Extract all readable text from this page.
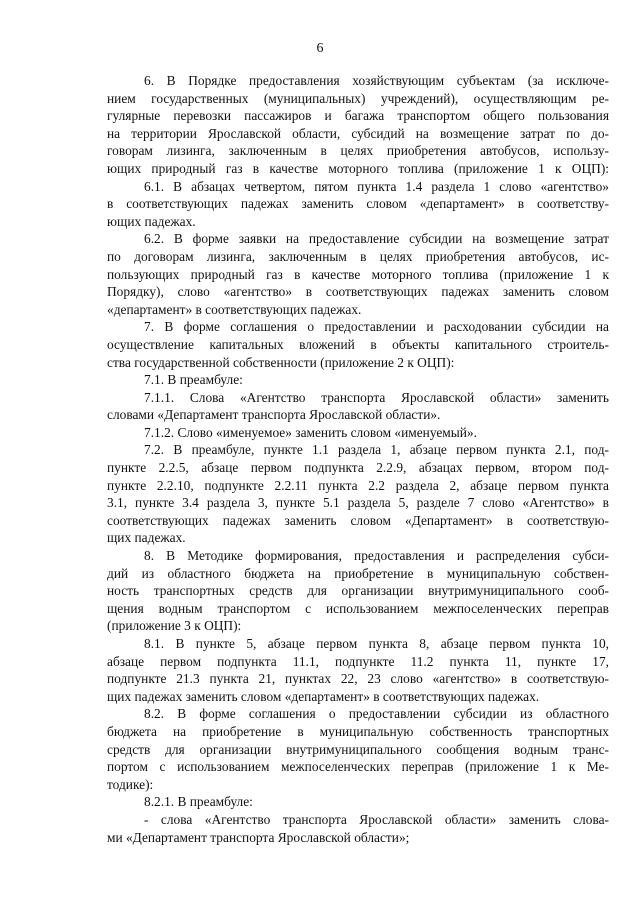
6
6. В Порядке предоставления хозяйствующим субъектам (за исключе-
нием государственных (муниципальных) учреждений), осуществляющим ре-
гулярные перевозки пассажиров и багажа транспортом общего пользования
на территории Ярославской области, субсидий на возмещение затрат по до-
говорам лизинга, заключенным в целях приобретения автобусов, использу-
ющих природный газ в качестве моторного топлива (приложение 1 к ОЦП):
6.1. В абзацах четвертом, пятом пункта 1.4 раздела 1 слово «агентство»
в соответствующих падежах заменить словом «департамент» в соответству-
ющих падежах.
6.2. В форме заявки на предоставление субсидии на возмещение затрат
по договорам лизинга, заключенным в целях приобретения автобусов, ис-
пользующих природный газ в качестве моторного топлива (приложение 1 к
Порядку), слово «агентство» в соответствующих падежах заменить словом
«департамент» в соответствующих падежах.
7. В форме соглашения о предоставлении и расходовании субсидии на
осуществление капитальных вложений в объекты капитального строитель-
ства государственной собственности (приложение 2 к ОЦП):
7.1. В преамбуле:
7.1.1. Слова «Агентство транспорта Ярославской области» заменить
словами «Департамент транспорта Ярославской области».
7.1.2. Слово «именуемое» заменить словом «именуемый».
7.2. В преамбуле, пункте 1.1 раздела 1, абзаце первом пункта 2.1, под-
пункте 2.2.5, абзаце первом подпункта 2.2.9, абзацах первом, втором под-
пункте 2.2.10, подпункте 2.2.11 пункта 2.2 раздела 2, абзаце первом пункта
3.1, пункте 3.4 раздела 3, пункте 5.1 раздела 5, разделе 7 слово «Агентство» в
соответствующих падежах заменить словом «Департамент» в соответствую-
щих падежах.
8. В Методике формирования, предоставления и распределения субси-
дий из областного бюджета на приобретение в муниципальную собствен-
ность транспортных средств для организации внутримуниципального сооб-
щения водным транспортом с использованием межпоселенческих переправ
(приложение 3 к ОЦП):
8.1. В пункте 5, абзаце первом пункта 8, абзаце первом пункта 10,
абзаце первом подпункта 11.1, подпункте 11.2 пункта 11, пункте 17,
подпункте 21.3 пункта 21, пунктах 22, 23 слово «агентство» в соответствую-
щих падежах заменить словом «департамент» в соответствующих падежах.
8.2. В форме соглашения о предоставлении субсидии из областного
бюджета на приобретение в муниципальную собственность транспортных
средств для организации внутримуниципального сообщения водным транс-
портом с использованием межпоселенческих переправ (приложение 1 к Ме-
тодике):
8.2.1. В преамбуле:
- слова «Агентство транспорта Ярославской области» заменить слова-
ми «Департамент транспорта Ярославской области»;
